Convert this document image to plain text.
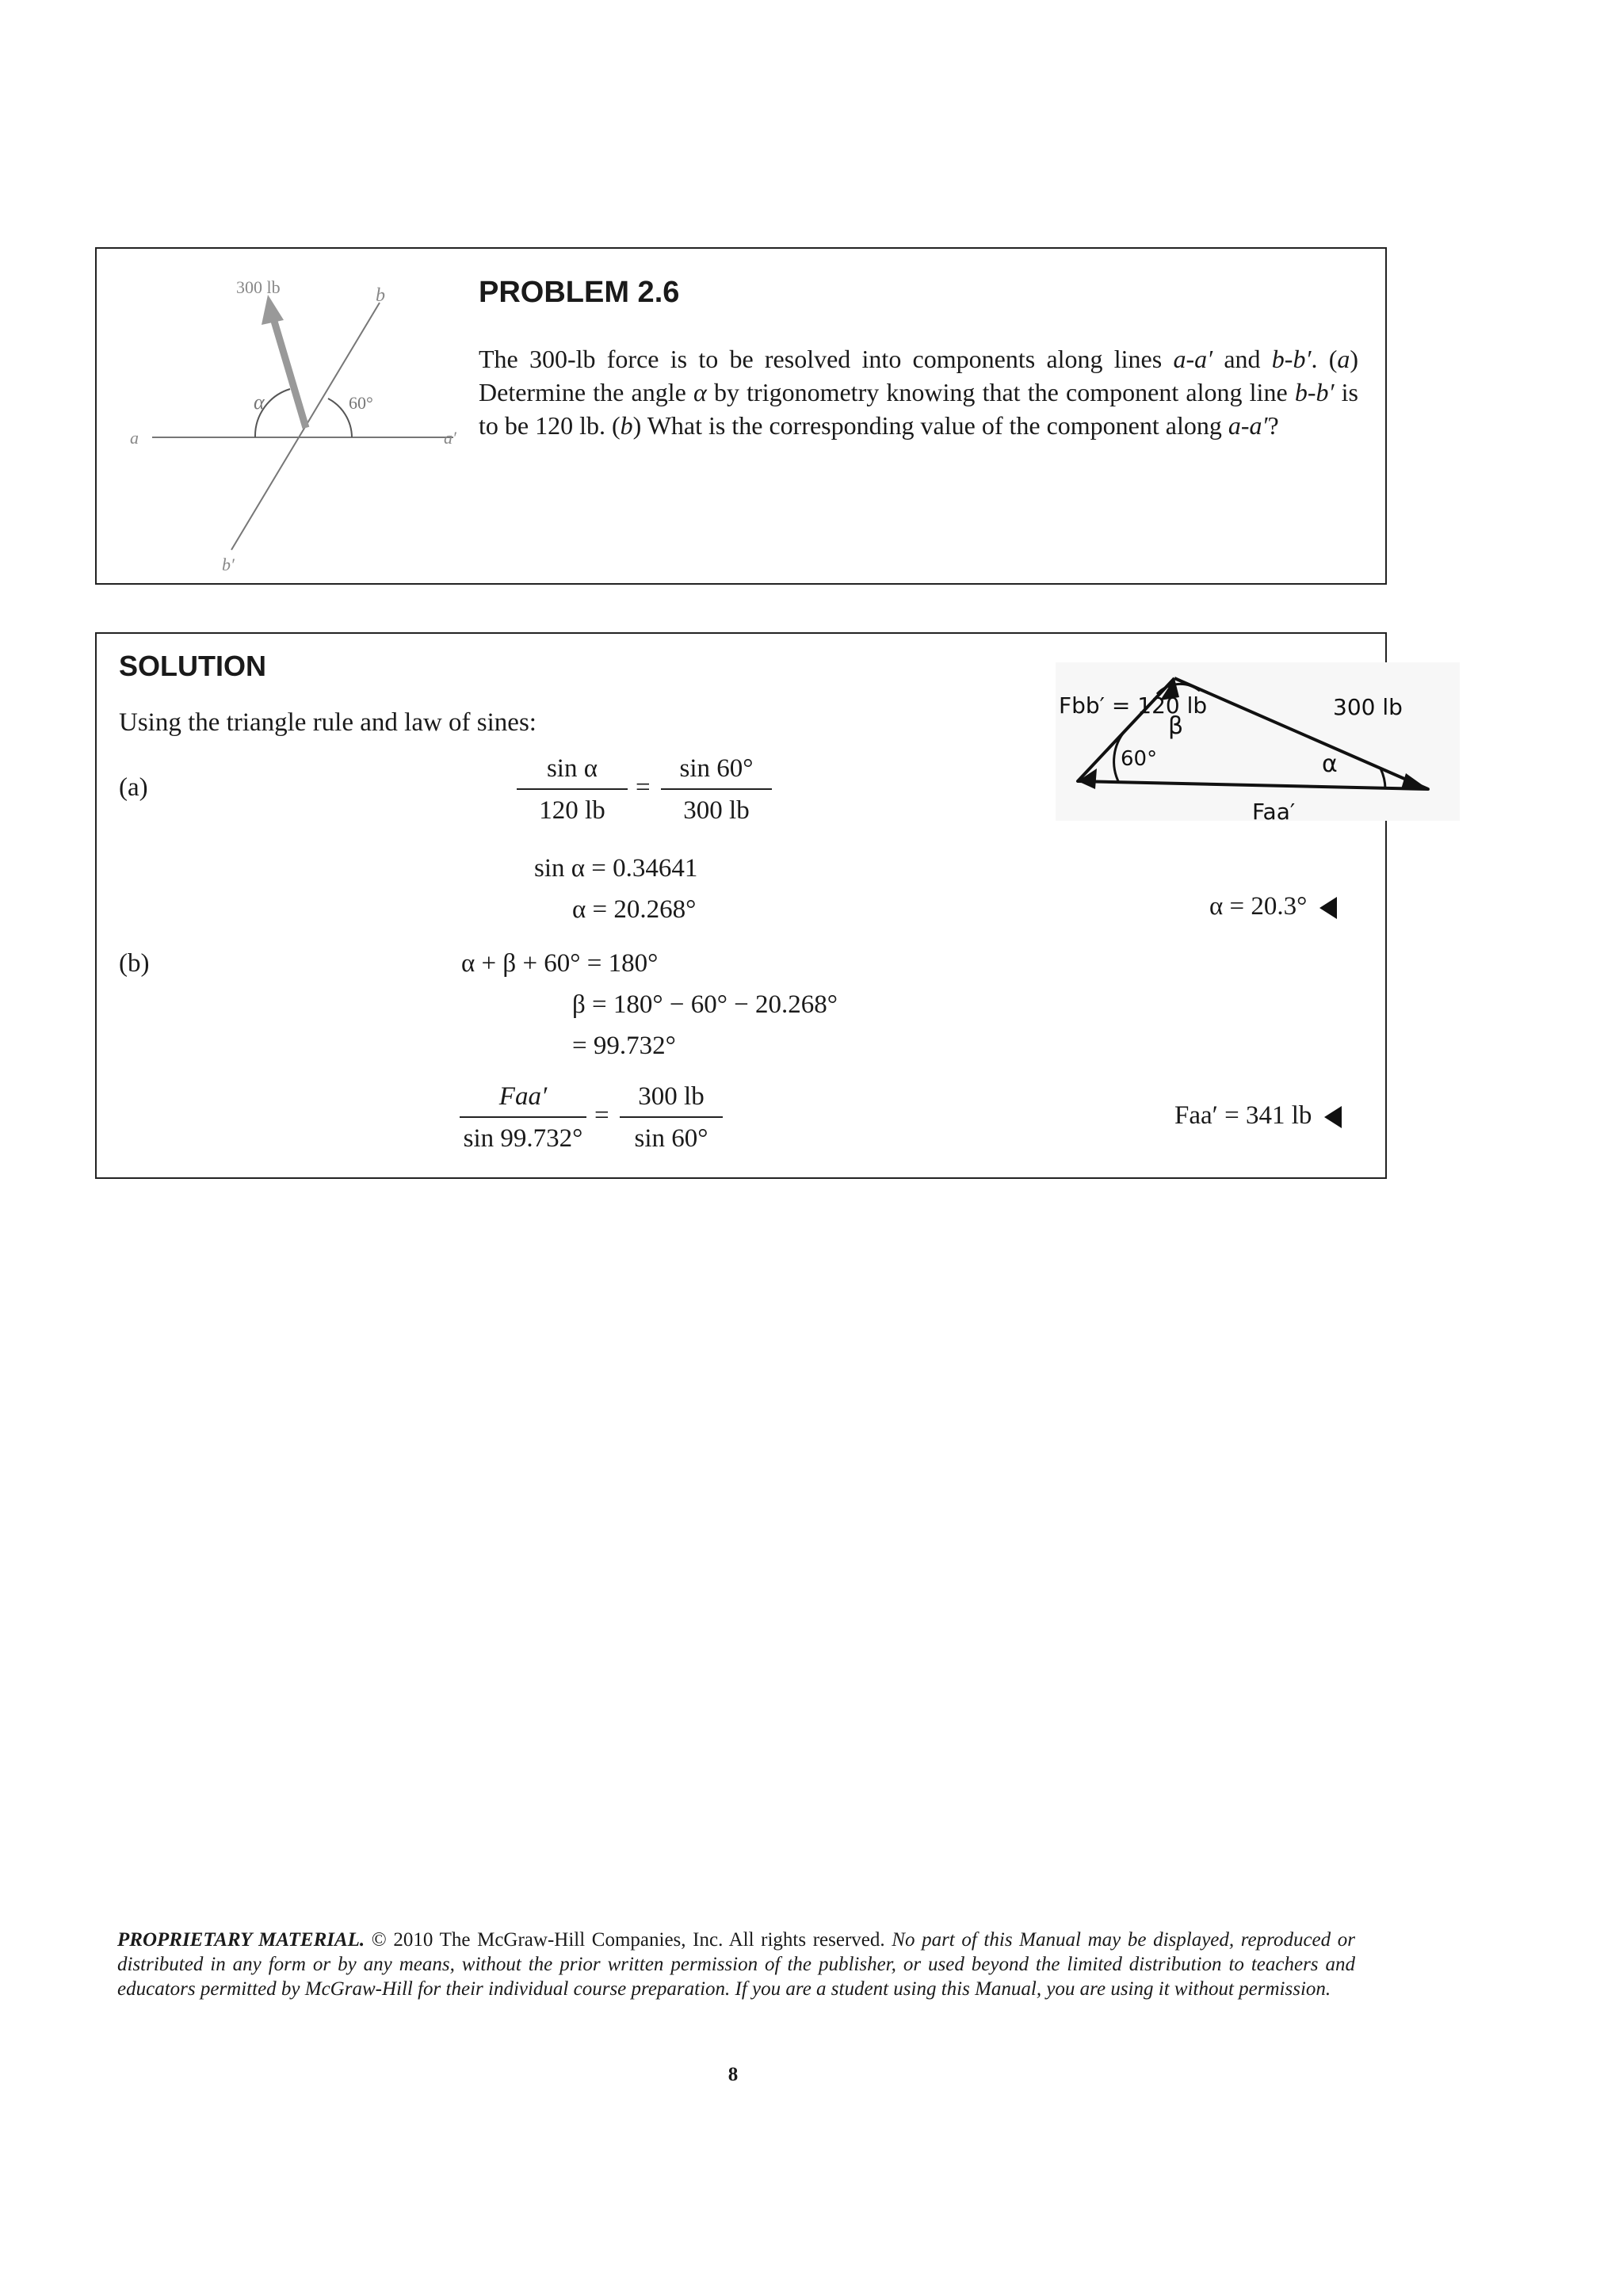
300 lb	b
α	60°
a	a′
b′
PROBLEM 2.6
The 300-lb force is to be resolved into components along lines a-a′ and b-b′. (a) Determine the angle α by trigonometry knowing that the component along line b-b′ is to be 120 lb. (b) What is the corresponding value of the component along a-a′?
SOLUTION
Using the triangle rule and law of sines:
Fbb′ = 120 lb	300 lb
β
60°	α
Faa′
(a)	$\frac{\text{sin α}}{120 lb} = \frac{\sin 60^\circ}{300 lb}$
sin α = 0.34641
α = 20.268°	α = 20.3°
(b)	α + β + 60° = 180°
β = 180° − 60° − 20.268°
= 99.732°
Faa′
sin 99.732°
= $\frac{300 lb}{\sin 60^\circ}$	Faa′ = 341 lb
PROPRIETARY MATERIAL. © 2010 The McGraw-Hill Companies, Inc. All rights reserved. No part of this Manual may be displayed, reproduced or distributed in any form or by any means, without the prior written permission of the publisher, or used beyond the limited distribution to teachers and educators permitted by McGraw-Hill for their individual course preparation. If you are a student using this Manual, you are using it without permission.
8
